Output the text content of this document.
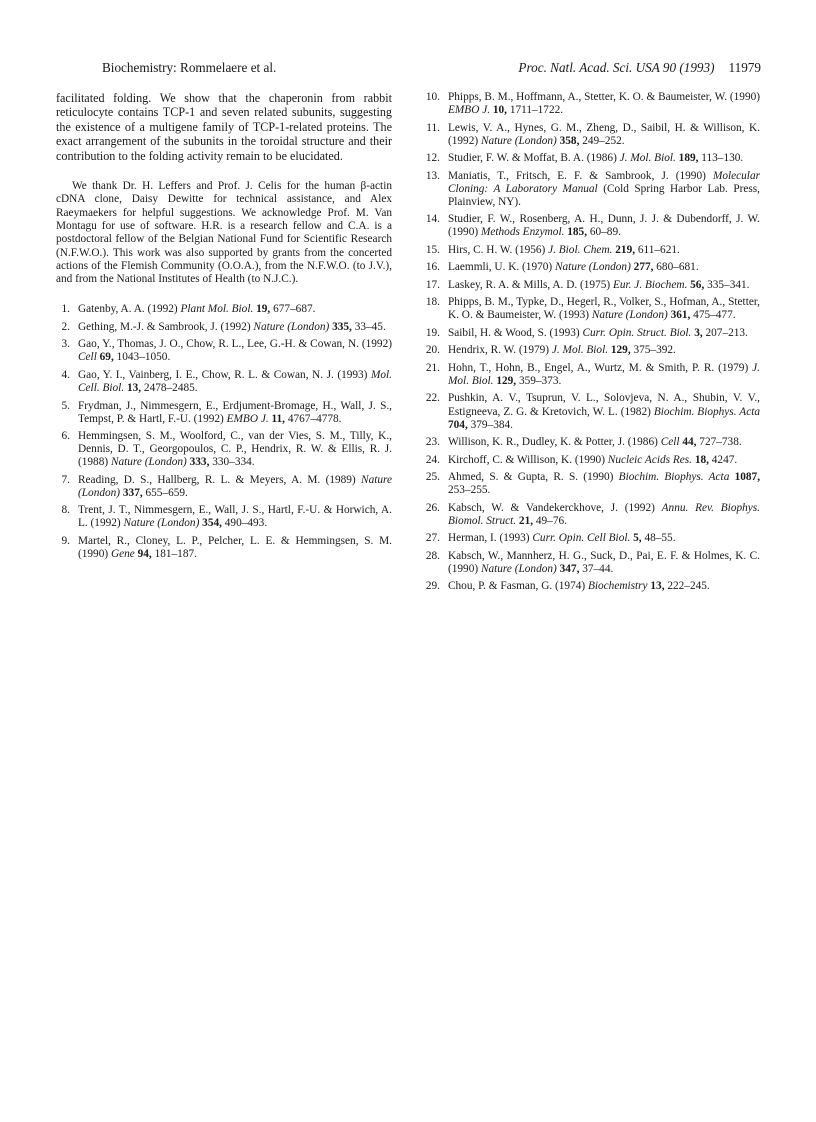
Biochemistry: Rommelaere et al.	Proc. Natl. Acad. Sci. USA 90 (1993) 11979

facilitated folding. We show that the chaperonin from rabbit reticulocyte contains TCP-1 and seven related subunits, suggesting the existence of a multigene family of TCP-1-related proteins. The exact arrangement of the subunits in the toroidal structure and their contribution to the folding activity remain to be elucidated.

We thank Dr. H. Leffers and Prof. J. Celis for the human β-actin cDNA clone, Daisy Dewitte for technical assistance, and Alex Raeymaekers for helpful suggestions. We acknowledge Prof. M. Van Montagu for use of software. H.R. is a research fellow and C.A. is a postdoctoral fellow of the Belgian National Fund for Scientific Research (N.F.W.O.). This work was also supported by grants from the concerted actions of the Flemish Community (O.O.A.), from the N.F.W.O. (to J.V.), and from the National Institutes of Health (to N.J.C.).

1. Gatenby, A. A. (1992) Plant Mol. Biol. 19, 677–687.
2. Gething, M.-J. & Sambrook, J. (1992) Nature (London) 335, 33–45.
3. Gao, Y., Thomas, J. O., Chow, R. L., Lee, G.-H. & Cowan, N. (1992) Cell 69, 1043–1050.
4. Gao, Y. I., Vainberg, I. E., Chow, R. L. & Cowan, N. J. (1993) Mol. Cell. Biol. 13, 2478–2485.
5. Frydman, J., Nimmesgern, E., Erdjument-Bromage, H., Wall, J. S., Tempst, P. & Hartl, F.-U. (1992) EMBO J. 11, 4767–4778.
6. Hemmingsen, S. M., Woolford, C., van der Vies, S. M., Tilly, K., Dennis, D. T., Georgopoulos, C. P., Hendrix, R. W. & Ellis, R. J. (1988) Nature (London) 333, 330–334.
7. Reading, D. S., Hallberg, R. L. & Meyers, A. M. (1989) Nature (London) 337, 655–659.
8. Trent, J. T., Nimmesgern, E., Wall, J. S., Hartl, F.-U. & Horwich, A. L. (1992) Nature (London) 354, 490–493.
9. Martel, R., Cloney, L. P., Pelcher, L. E. & Hemmingsen, S. M. (1990) Gene 94, 181–187.
10. Phipps, B. M., Hoffmann, A., Stetter, K. O. & Baumeister, W. (1990) EMBO J. 10, 1711–1722.
11. Lewis, V. A., Hynes, G. M., Zheng, D., Saibil, H. & Willison, K. (1992) Nature (London) 358, 249–252.
12. Studier, F. W. & Moffat, B. A. (1986) J. Mol. Biol. 189, 113–130.
13. Maniatis, T., Fritsch, E. F. & Sambrook, J. (1990) Molecular Cloning: A Laboratory Manual (Cold Spring Harbor Lab. Press, Plainview, NY).
14. Studier, F. W., Rosenberg, A. H., Dunn, J. J. & Dubendorff, J. W. (1990) Methods Enzymol. 185, 60–89.
15. Hirs, C. H. W. (1956) J. Biol. Chem. 219, 611–621.
16. Laemmli, U. K. (1970) Nature (London) 277, 680–681.
17. Laskey, R. A. & Mills, A. D. (1975) Eur. J. Biochem. 56, 335–341.
18. Phipps, B. M., Typke, D., Hegerl, R., Volker, S., Hofman, A., Stetter, K. O. & Baumeister, W. (1993) Nature (London) 361, 475–477.
19. Saibil, H. & Wood, S. (1993) Curr. Opin. Struct. Biol. 3, 207–213.
20. Hendrix, R. W. (1979) J. Mol. Biol. 129, 375–392.
21. Hohn, T., Hohn, B., Engel, A., Wurtz, M. & Smith, P. R. (1979) J. Mol. Biol. 129, 359–373.
22. Pushkin, A. V., Tsuprun, V. L., Solovjeva, N. A., Shubin, V. V., Estigneeva, Z. G. & Kretovich, W. L. (1982) Biochim. Biophys. Acta 704, 379–384.
23. Willison, K. R., Dudley, K. & Potter, J. (1986) Cell 44, 727–738.
24. Kirchoff, C. & Willison, K. (1990) Nucleic Acids Res. 18, 4247.
25. Ahmed, S. & Gupta, R. S. (1990) Biochim. Biophys. Acta 1087, 253–255.
26. Kabsch, W. & Vandekerckhove, J. (1992) Annu. Rev. Biophys. Biomol. Struct. 21, 49–76.
27. Herman, I. (1993) Curr. Opin. Cell Biol. 5, 48–55.
28. Kabsch, W., Mannherz, H. G., Suck, D., Pai, E. F. & Holmes, K. C. (1990) Nature (London) 347, 37–44.
29. Chou, P. & Fasman, G. (1974) Biochemistry 13, 222–245.
